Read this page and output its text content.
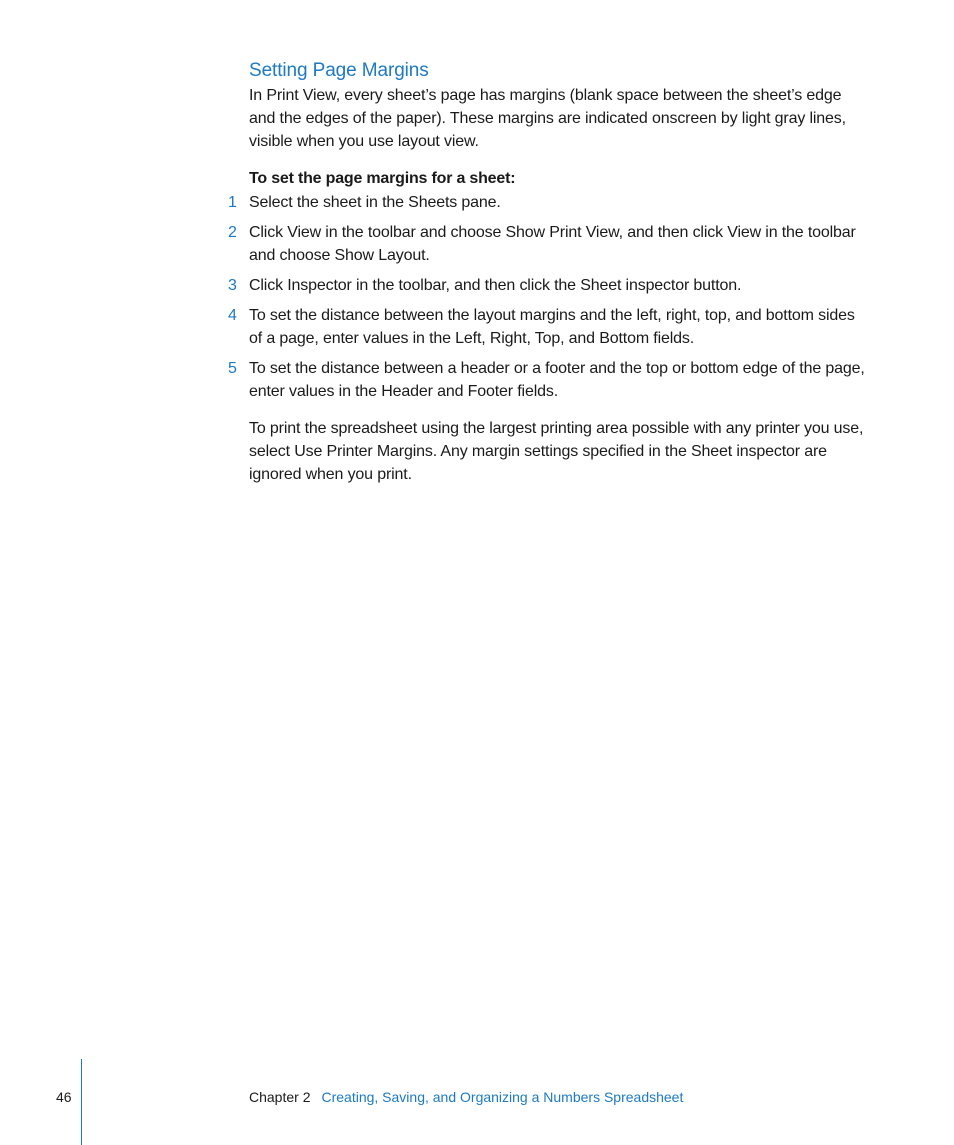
Setting Page Margins

In Print View, every sheet’s page has margins (blank space between the sheet’s edge and the edges of the paper). These margins are indicated onscreen by light gray lines, visible when you use layout view.

To set the page margins for a sheet:

1 Select the sheet in the Sheets pane.
2 Click View in the toolbar and choose Show Print View, and then click View in the toolbar and choose Show Layout.
3 Click Inspector in the toolbar, and then click the Sheet inspector button.
4 To set the distance between the layout margins and the left, right, top, and bottom sides of a page, enter values in the Left, Right, Top, and Bottom fields.
5 To set the distance between a header or a footer and the top or bottom edge of the page, enter values in the Header and Footer fields.

To print the spreadsheet using the largest printing area possible with any printer you use, select Use Printer Margins. Any margin settings specified in the Sheet inspector are ignored when you print.

46	Chapter 2 Creating, Saving, and Organizing a Numbers Spreadsheet
